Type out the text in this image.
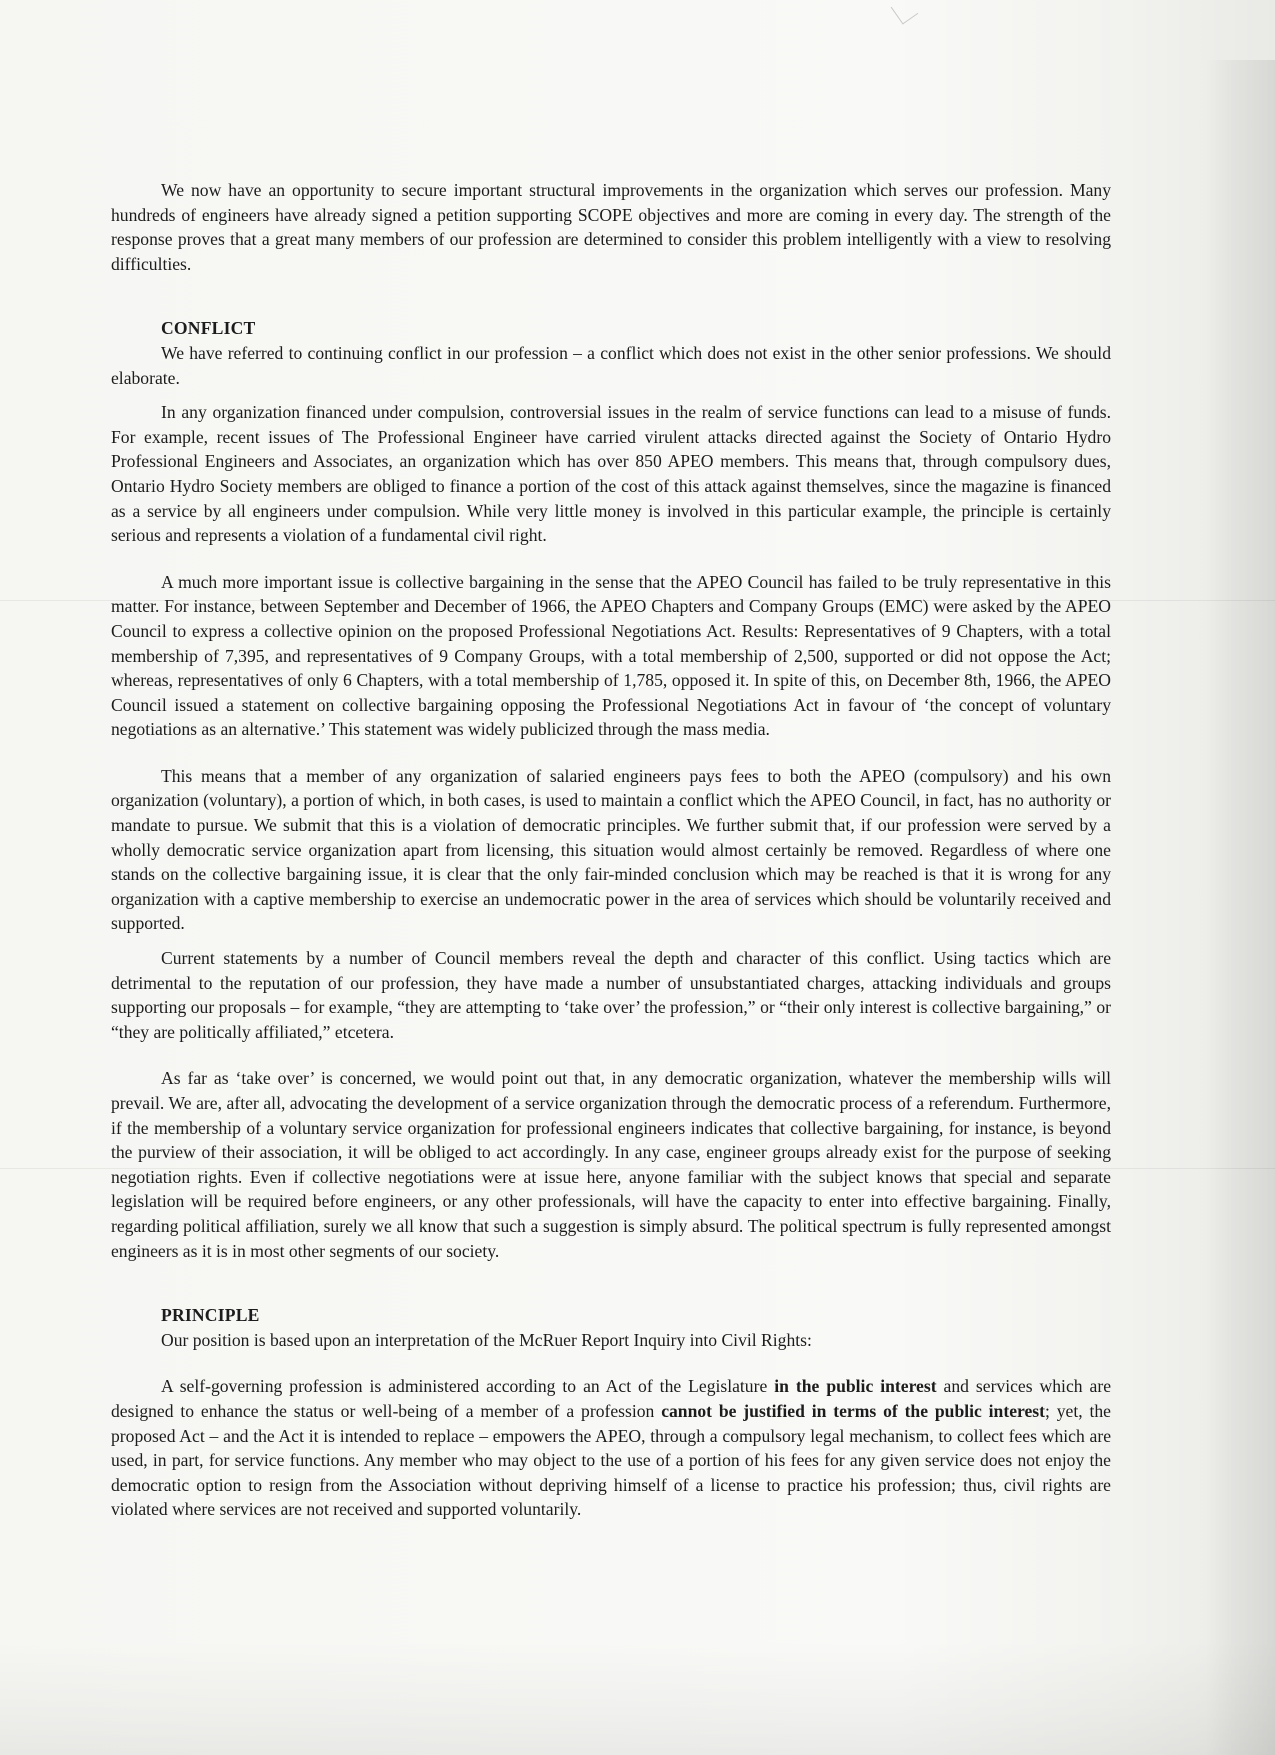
We now have an opportunity to secure important structural improvements in the organization which serves our profession. Many hundreds of engineers have already signed a petition supporting SCOPE objectives and more are coming in every day. The strength of the response proves that a great many members of our profession are determined to consider this problem intelligently with a view to resolving difficulties.

CONFLICT

We have referred to continuing conflict in our profession – a conflict which does not exist in the other senior professions. We should elaborate.

In any organization financed under compulsion, controversial issues in the realm of service functions can lead to a misuse of funds. For example, recent issues of The Professional Engineer have carried virulent attacks directed against the Society of Ontario Hydro Professional Engineers and Associates, an organization which has over 850 APEO members. This means that, through compulsory dues, Ontario Hydro Society members are obliged to finance a portion of the cost of this attack against themselves, since the magazine is financed as a service by all engineers under compulsion. While very little money is involved in this particular example, the principle is certainly serious and represents a violation of a fundamental civil right.

A much more important issue is collective bargaining in the sense that the APEO Council has failed to be truly representative in this matter. For instance, between September and December of 1966, the APEO Chapters and Company Groups (EMC) were asked by the APEO Council to express a collective opinion on the proposed Professional Negotiations Act. Results: Representatives of 9 Chapters, with a total membership of 7,395, and representatives of 9 Company Groups, with a total membership of 2,500, supported or did not oppose the Act; whereas, representatives of only 6 Chapters, with a total membership of 1,785, opposed it. In spite of this, on December 8th, 1966, the APEO Council issued a statement on collective bargaining opposing the Professional Negotiations Act in favour of ‘the concept of voluntary negotiations as an alternative.’ This statement was widely publicized through the mass media.

This means that a member of any organization of salaried engineers pays fees to both the APEO (compulsory) and his own organization (voluntary), a portion of which, in both cases, is used to maintain a conflict which the APEO Council, in fact, has no authority or mandate to pursue. We submit that this is a violation of democratic principles. We further submit that, if our profession were served by a wholly democratic service organization apart from licensing, this situation would almost certainly be removed. Regardless of where one stands on the collective bargaining issue, it is clear that the only fair-minded conclusion which may be reached is that it is wrong for any organization with a captive membership to exercise an undemocratic power in the area of services which should be voluntarily received and supported.

Current statements by a number of Council members reveal the depth and character of this conflict. Using tactics which are detrimental to the reputation of our profession, they have made a number of unsubstantiated charges, attacking individuals and groups supporting our proposals – for example, “they are attempting to ‘take over’ the profession,” or “their only interest is collective bargaining,” or “they are politically affiliated,” etcetera.

As far as ‘take over’ is concerned, we would point out that, in any democratic organization, whatever the membership wills will prevail. We are, after all, advocating the development of a service organization through the democratic process of a referendum. Furthermore, if the membership of a voluntary service organization for professional engineers indicates that collective bargaining, for instance, is beyond the purview of their association, it will be obliged to act accordingly. In any case, engineer groups already exist for the purpose of seeking negotiation rights. Even if collective negotiations were at issue here, anyone familiar with the subject knows that special and separate legislation will be required before engineers, or any other professionals, will have the capacity to enter into effective bargaining. Finally, regarding political affiliation, surely we all know that such a suggestion is simply absurd. The political spectrum is fully represented amongst engineers as it is in most other segments of our society.

PRINCIPLE

Our position is based upon an interpretation of the McRuer Report Inquiry into Civil Rights:

A self-governing profession is administered according to an Act of the Legislature in the public interest and services which are designed to enhance the status or well-being of a member of a profession cannot be justified in terms of the public interest; yet, the proposed Act – and the Act it is intended to replace – empowers the APEO, through a compulsory legal mechanism, to collect fees which are used, in part, for service functions. Any member who may object to the use of a portion of his fees for any given service does not enjoy the democratic option to resign from the Association without depriving himself of a license to practice his profession; thus, civil rights are violated where services are not received and supported voluntarily.
